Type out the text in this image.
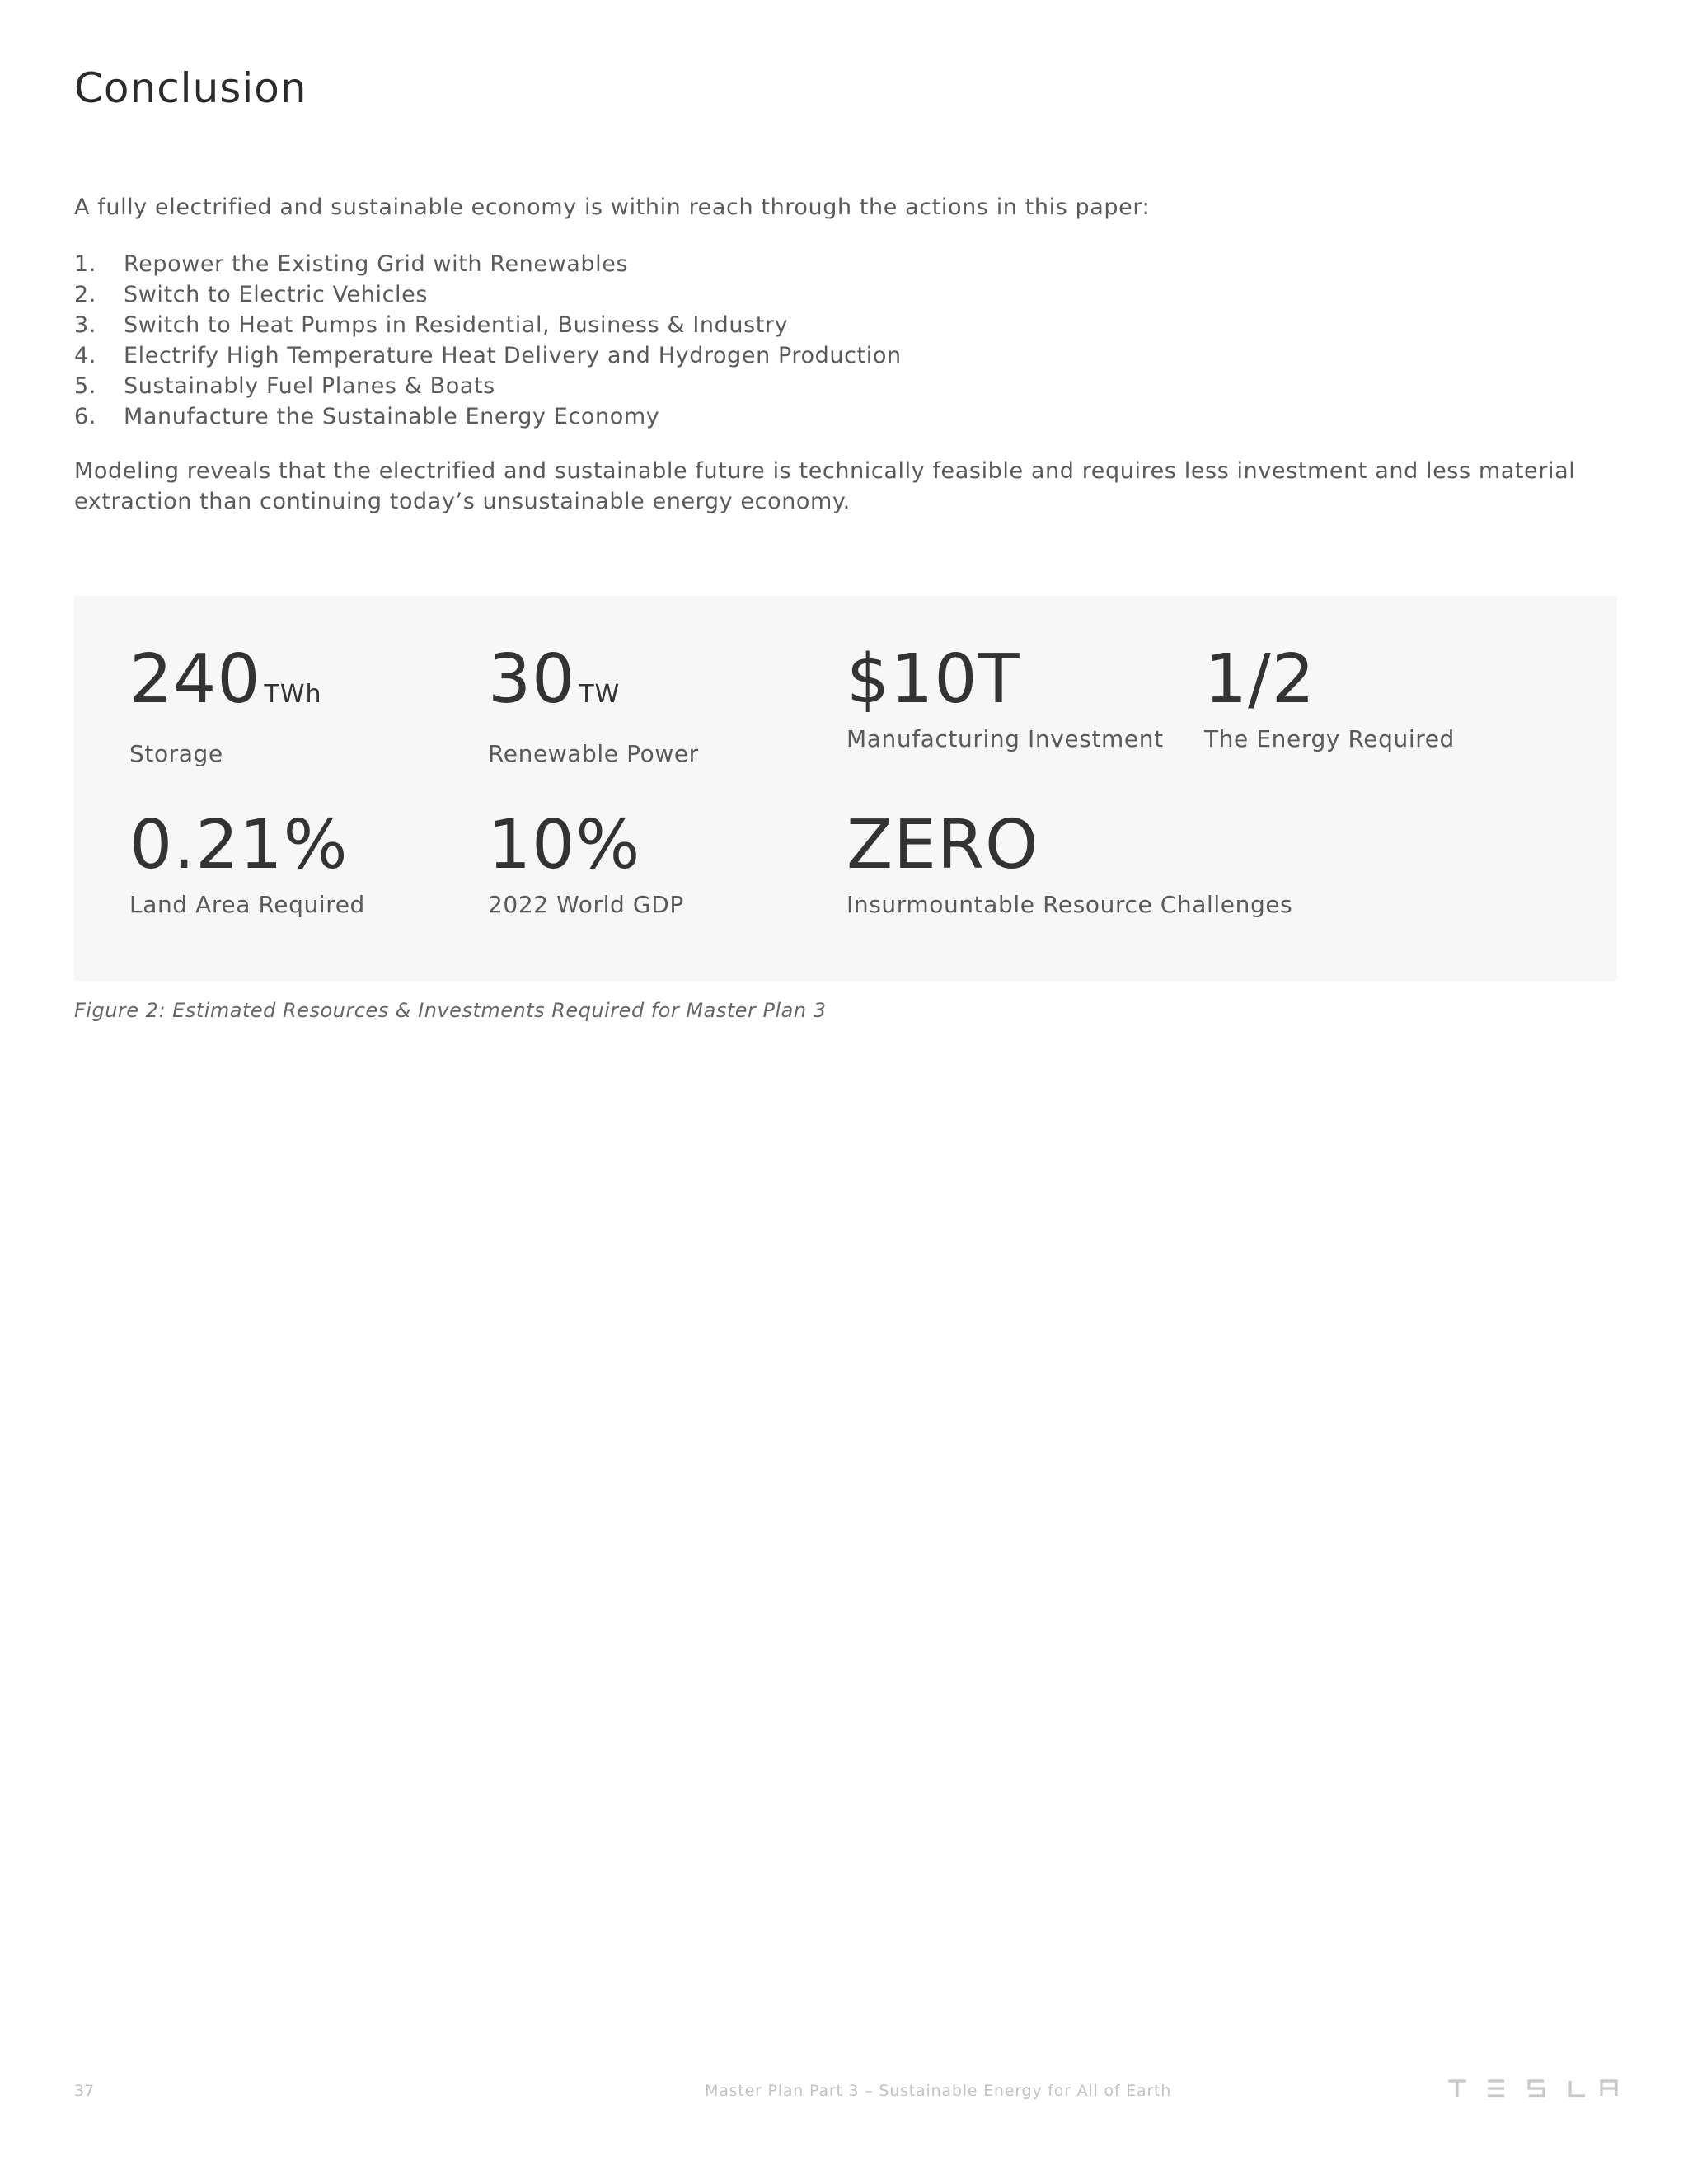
Conclusion

A fully electrified and sustainable economy is within reach through the actions in this paper:

1.	Repower the Existing Grid with Renewables
2.	Switch to Electric Vehicles
3.	Switch to Heat Pumps in Residential, Business & Industry
4.	Electrify High Temperature Heat Delivery and Hydrogen Production
5.	Sustainably Fuel Planes & Boats
6.	Manufacture the Sustainable Energy Economy

Modeling reveals that the electrified and sustainable future is technically feasible and requires less investment and less material extraction than continuing today’s unsustainable energy economy.

240 TWh
Storage
30 TW
Renewable Power
$10T
Manufacturing Investment
1/2
The Energy Required
0.21%
Land Area Required
10%
2022 World GDP
ZERO
Insurmountable Resource Challenges

Figure 2: Estimated Resources & Investments Required for Master Plan 3

37	Master Plan Part 3 – Sustainable Energy for All of Earth
